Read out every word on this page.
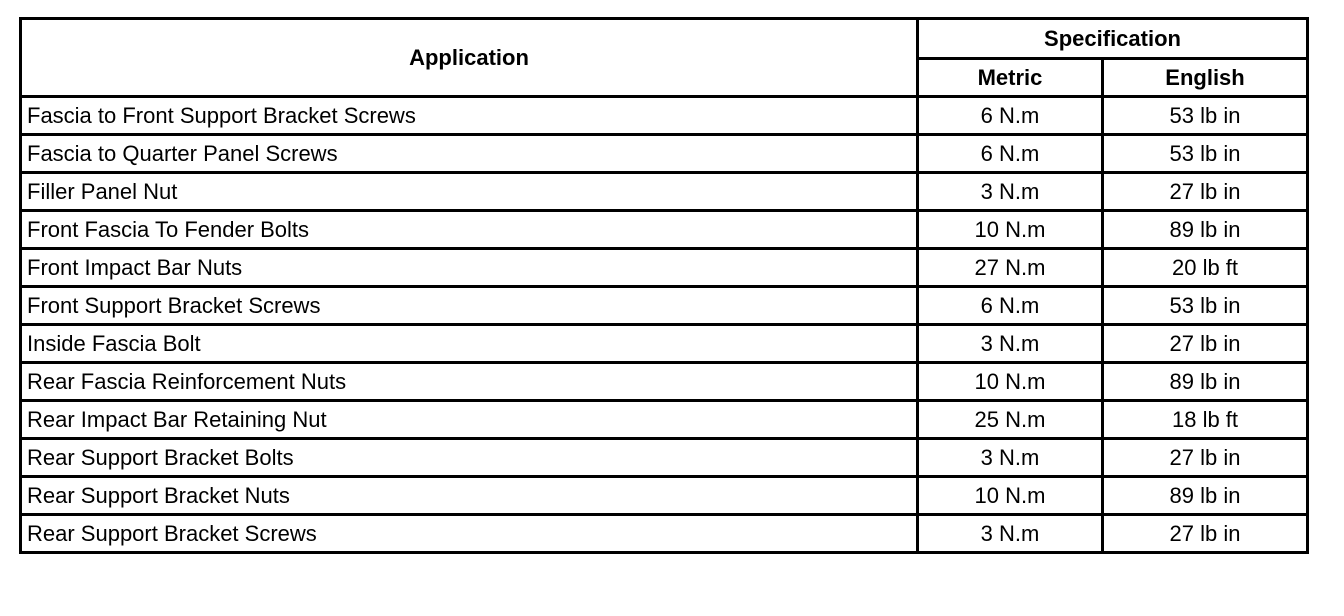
Application	Specification	
	Metric	English
Fascia to Front Support Bracket Screws	6 N.m	53 lb in
Fascia to Quarter Panel Screws	6 N.m	53 lb in
Filler Panel Nut	3 N.m	27 lb in
Front Fascia To Fender Bolts	10 N.m	89 lb in
Front Impact Bar Nuts	27 N.m	20 lb ft
Front Support Bracket Screws	6 N.m	53 lb in
Inside Fascia Bolt	3 N.m	27 lb in
Rear Fascia Reinforcement Nuts	10 N.m	89 lb in
Rear Impact Bar Retaining Nut	25 N.m	18 lb ft
Rear Support Bracket Bolts	3 N.m	27 lb in
Rear Support Bracket Nuts	10 N.m	89 lb in
Rear Support Bracket Screws	3 N.m	27 lb in
